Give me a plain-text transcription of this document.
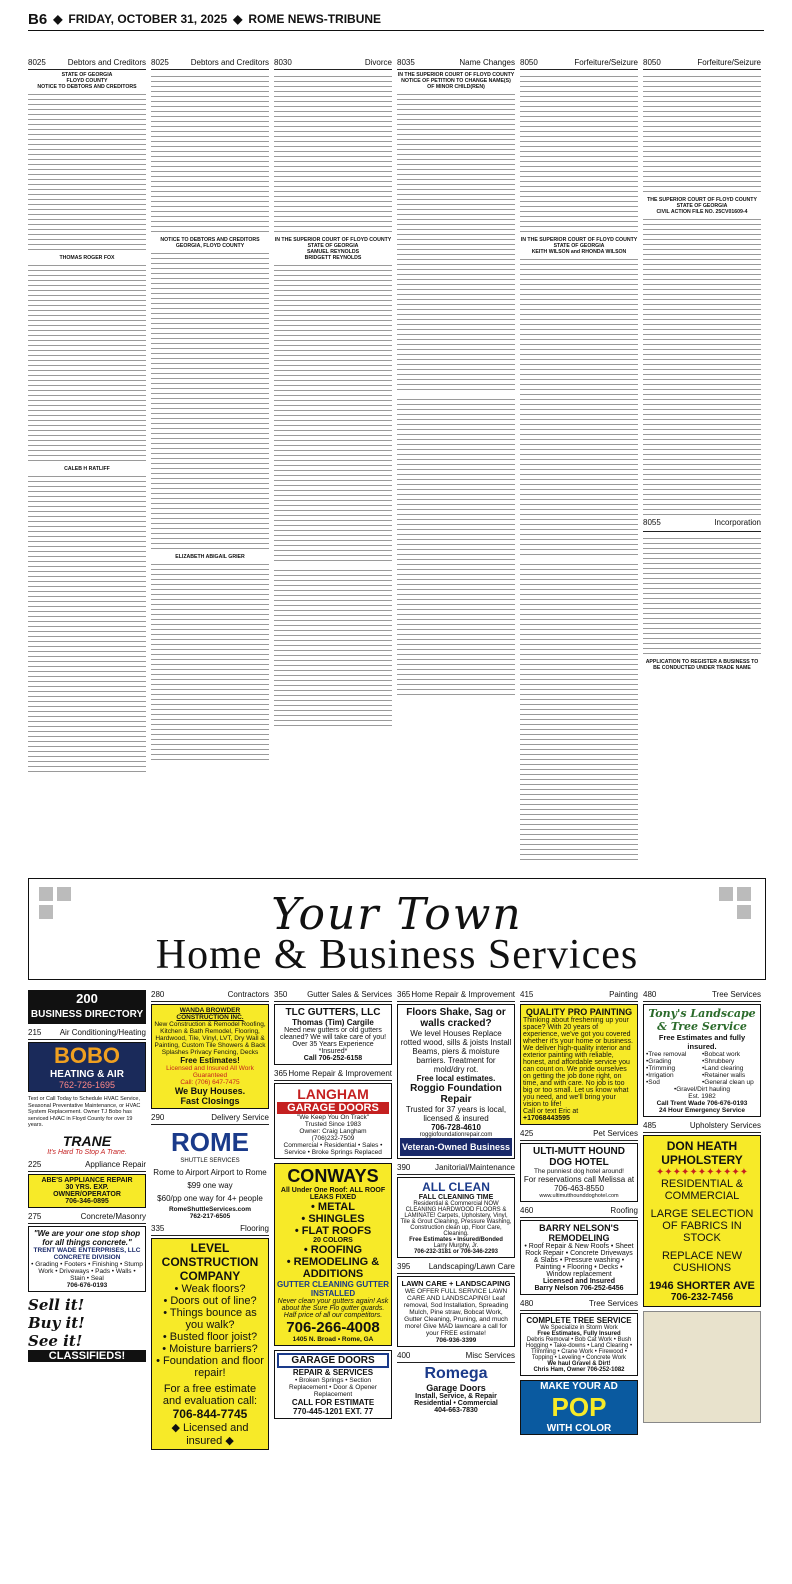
B6 ◆ FRIDAY, OCTOBER 31, 2025 ◆ ROME NEWS-TRIBUNE
8025	Debtors and Creditors
STATE OF GEORGIA
FLOYD COUNTY
NOTICE TO DEBTORS AND CREDITORS
THOMAS ROGER FOX
CALEB H RATLIFF
8025	Debtors and Creditors
NOTICE TO DEBTORS AND CREDITORS
GEORGIA, FLOYD COUNTY
ELIZABETH ABIGAIL GRIER
8030	Divorce
IN THE SUPERIOR COURT OF FLOYD COUNTY
STATE OF GEORGIA
SAMUEL REYNOLDS
BRIDGETT REYNOLDS
8035	Name Changes
IN THE SUPERIOR COURT OF FLOYD COUNTY
NOTICE OF PETITION TO CHANGE NAME(S) OF MINOR CHILD(REN)
8050	Forfeiture/Seizure
IN THE SUPERIOR COURT OF FLOYD COUNTY
STATE OF GEORGIA
KEITH WILSON and RHONDA WILSON
8050	Forfeiture/Seizure
THE SUPERIOR COURT OF FLOYD COUNTY STATE OF GEORGIA
CIVIL ACTION FILE NO. 25CV01609-4
8055	Incorporation
APPLICATION TO REGISTER A BUSINESS TO BE CONDUCTED UNDER TRADE NAME
Your Town
Home & Business Services
200
BUSINESS DIRECTORY
215 Air Conditioning/Heating
BOBO
HEATING & AIR
762-726-1695
Text or Call Today to Schedule HVAC Service, Seasonal Preventative Maintenance, or HVAC System Replacement. Owner TJ Bobo has serviced HVAC in Floyd County for over 19 years.
TRANE
It's Hard To Stop A Trane.
225	Appliance Repair
ABE'S APPLIANCE REPAIR
30 YRS. EXP.
OWNER/OPERATOR
706-346-0895
275	Concrete/Masonry
"We are your one stop shop for all things concrete."
TRENT WADE ENTERPRISES, LLC
CONCRETE DIVISION
• Grading • Footers • Finishing • Stump Work • Driveways • Pads • Walls • Stain • Seal
706-676-0193
Sell it!
Buy it!
See it!
CLASSIFIEDS!
280	Contractors
WANDA BROWDER CONSTRUCTION INC.
New Construction & Remodel Roofing, Kitchen & Bath Remodel, Flooring, Hardwood, Tile, Vinyl, LVT, Dry Wall & Painting, Custom Tile Showers & Back Splashes Privacy Fencing, Decks
Free Estimates!
Licensed and Insured All Work Guaranteed
Call: (706) 647-7475
We Buy Houses.
Fast Closings
290	Delivery Service
ROME
SHUTTLE SERVICES
Rome to Airport Airport to Rome
$99 one way
$60/pp one way for 4+ people
RomeShuttleServices.com
762-217-6505
335	Flooring
LEVEL CONSTRUCTION COMPANY
• Weak floors?
• Doors out of line?
• Things bounce as you walk?
• Busted floor joist?
• Moisture barriers?
• Foundation and floor repair!
For a free estimate and evaluation call:
706-844-7745
◆ Licensed and insured ◆
350 Gutter Sales & Services
TLC GUTTERS, LLC
Thomas (Tim) Cargile
Need new gutters or old gutters cleaned? We will take care of you! Over 35 Years Experience *Insured*
Call 706-252-6158
365 Home Repair & Improvement
LANGHAM
GARAGE DOORS
"We Keep You On Track"
Trusted Since 1983
Owner: Craig Langham
(706)232-7509
Commercial • Residential • Sales • Service • Broke Springs Replaced
CONWAYS
All Under One Roof: ALL ROOF LEAKS FIXED
• METAL
• SHINGLES
• FLAT ROOFS
20 COLORS
• ROOFING
• REMODELING & ADDITIONS
GUTTER CLEANING GUTTER INSTALLED
Never clean your gutters again! Ask about the Sure Flo gutter guards. Half price of all our competitors.
706-266-4008
1405 N. Broad • Rome, GA
GARAGE DOORS
REPAIR & SERVICES
• Broken Springs • Section Replacement • Door & Opener Replacement
CALL FOR ESTIMATE
770-445-1201 EXT. 77
365 Home Repair & Improvement
Floors Shake, Sag or walls cracked?
We level Houses Replace rotted wood, sills & joists Install Beams, piers & moisture barriers. Treatment for mold/dry rot.
Free local estimates.
Roggio Foundation Repair
Trusted for 37 years is local, licensed & insured
706-728-4610
roggiofoundationrepair.com
Veteran-Owned Business
390	Janitorial/Maintenance
ALL CLEAN
FALL CLEANING TIME
Residential & Commercial NOW CLEANING HARDWOOD FLOORS & LAMINATE! Carpets, Upholstery, Vinyl, Tile & Grout Cleaning, Pressure Washing, Construction clean up, Floor Care, Cleaning.
Free Estimates • Insured/Bonded
Larry Murphy, Jr.
706-232-3181 or 706-346-2293
395 Landscaping/Lawn Care
LAWN CARE + LANDSCAPING
WE OFFER FULL SERVICE LAWN CARE AND LANDSCAPING! Leaf removal, Sod Installation, Spreading Mulch, Pine straw, Bobcat Work, Gutter Cleaning, Pruning, and much more! Give MAD lawncare a call for your FREE estimate!
706-936-3399
400	Misc Services
Romega
Garage Doors
Install, Service, & Repair Residential • Commercial
404-663-7830
415	Painting
QUALITY PRO PAINTING
Thinking about freshening up your space? With 20 years of experience, we've got you covered whether it's your home or business. We deliver high-quality interior and exterior painting with reliable, honest, and affordable service you can count on. We pride ourselves on getting the job done right, on time, and with care. No job is too big or too small. Let us know what you need, and we'll bring your vision to life!
Call or text Eric at
+17068443595
425	Pet Services
ULTI-MUTT HOUND DOG HOTEL
The punniest dog hotel around!
For reservations call Melissa at 706-463-8550
www.ultimutthounddoghotel.com
460	Roofing
BARRY NELSON'S REMODELING
• Roof Repair & New Roofs • Sheet Rock Repair • Concrete Driveways & Slabs • Pressure washing • Painting • Flooring • Decks • Window replacement
Licensed and Insured
Barry Nelson 706-252-6456
480	Tree Services
COMPLETE TREE SERVICE
We Specialize in Storm Work
Free Estimates, Fully Insured
Debris Removal • Bob Cat Work • Bush Hogging • Take-downs • Land Clearing • Trimming • Crane Work • Firewood • Topping • Leveling • Concrete Work
We haul Gravel & Dirt!
Chris Ham, Owner 706-252-1082
MAKE YOUR AD
POP
WITH COLOR
480	Tree Services
Tony's Landscape & Tree Service
Free Estimates and fully insured.
•Tree removal
•Grading
•Trimming
•Irrigation
•Sod
•Bobcat work
•Shrubbery
•Land clearing
•Retainer walls
•General clean up
•Gravel/Dirt hauling
Est. 1982
Call Trent Wade 706-676-0193
24 Hour Emergency Service
485	Upholstery Services
DON HEATH UPHOLSTERY
✦✦✦✦✦✦✦✦✦✦✦
RESIDENTIAL & COMMERCIAL
LARGE SELECTION OF FABRICS IN STOCK
REPLACE NEW CUSHIONS
1946 SHORTER AVE
706-232-7456
